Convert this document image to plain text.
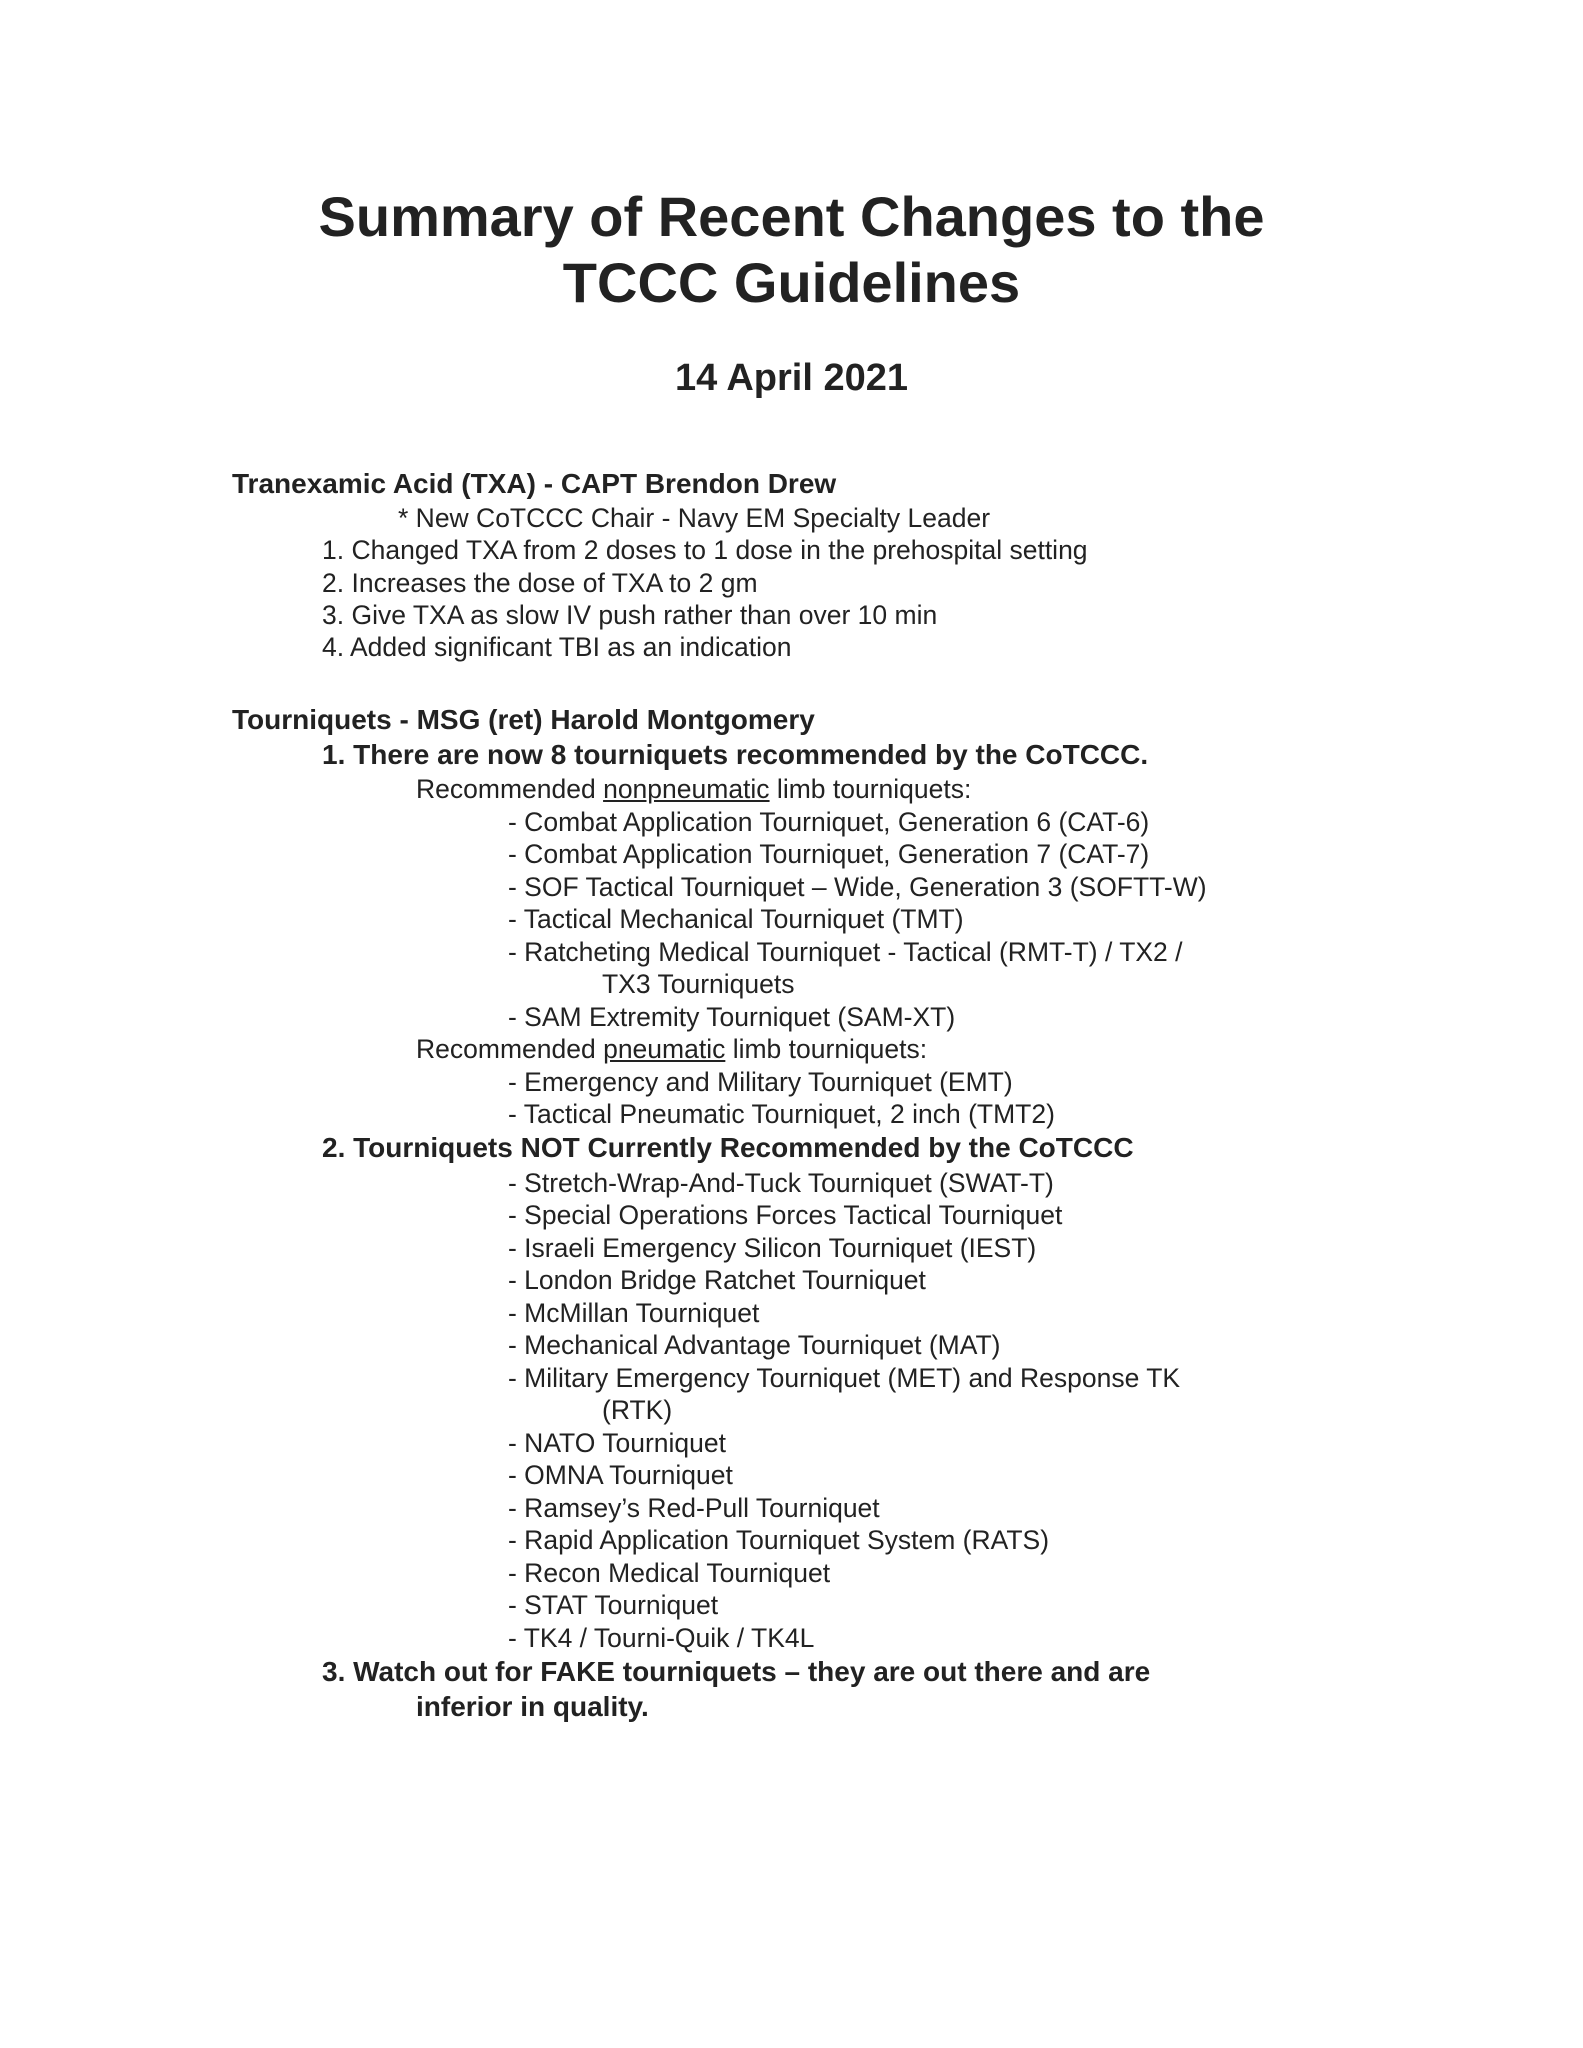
Summary of Recent Changes to the
TCCC Guidelines
14 April 2021
Tranexamic Acid (TXA) - CAPT Brendon Drew
* New CoTCCC Chair - Navy EM Specialty Leader
1. Changed TXA from 2 doses to 1 dose in the prehospital setting
2. Increases the dose of TXA to 2 gm
3. Give TXA as slow IV push rather than over 10 min
4. Added significant TBI as an indication
Tourniquets - MSG (ret) Harold Montgomery
1. There are now 8 tourniquets recommended by the CoTCCC.
Recommended nonpneumatic limb tourniquets:
- Combat Application Tourniquet, Generation 6 (CAT-6)
- Combat Application Tourniquet, Generation 7 (CAT-7)
- SOF Tactical Tourniquet – Wide, Generation 3 (SOFTT-W)
- Tactical Mechanical Tourniquet (TMT)
- Ratcheting Medical Tourniquet - Tactical (RMT-T) / TX2 /
TX3 Tourniquets
- SAM Extremity Tourniquet (SAM-XT)
Recommended pneumatic limb tourniquets:
- Emergency and Military Tourniquet (EMT)
- Tactical Pneumatic Tourniquet, 2 inch (TMT2)
2. Tourniquets NOT Currently Recommended by the CoTCCC
- Stretch-Wrap-And-Tuck Tourniquet (SWAT-T)
- Special Operations Forces Tactical Tourniquet
- Israeli Emergency Silicon Tourniquet (IEST)
- London Bridge Ratchet Tourniquet
- McMillan Tourniquet
- Mechanical Advantage Tourniquet (MAT)
- Military Emergency Tourniquet (MET) and Response TK
(RTK)
- NATO Tourniquet
- OMNA Tourniquet
- Ramsey’s Red-Pull Tourniquet
- Rapid Application Tourniquet System (RATS)
- Recon Medical Tourniquet
- STAT Tourniquet
- TK4 / Tourni-Quik / TK4L
3. Watch out for FAKE tourniquets – they are out there and are
inferior in quality.
